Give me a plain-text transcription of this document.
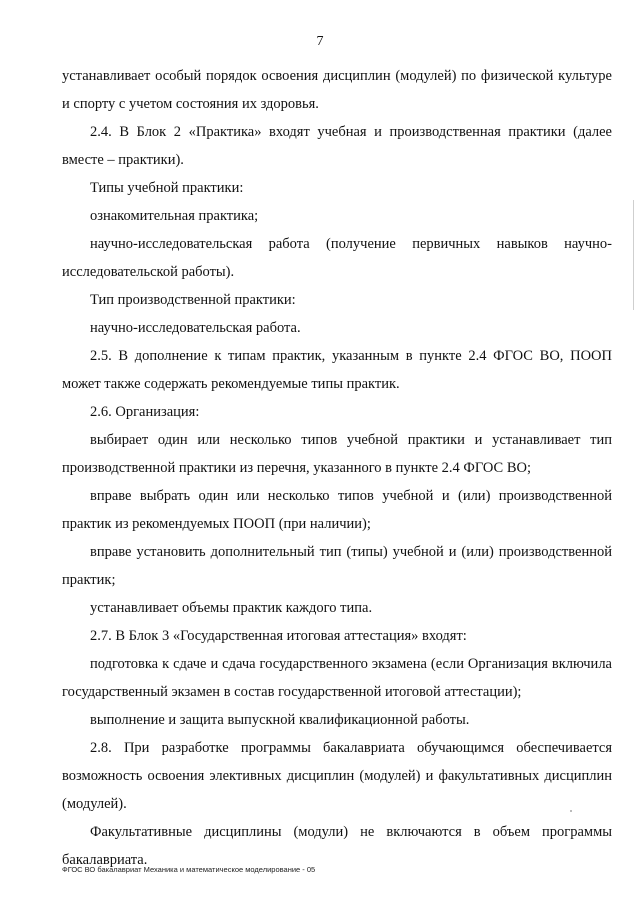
7

устанавливает особый порядок освоения дисциплин (модулей) по физической культуре и спорту с учетом состояния их здоровья.

2.4. В Блок 2 «Практика» входят учебная и производственная практики (далее вместе – практики).

Типы учебной практики:

ознакомительная практика;

научно-исследовательская работа (получение первичных навыков научно-исследовательской работы).

Тип производственной практики:

научно-исследовательская работа.

2.5. В дополнение к типам практик, указанным в пункте 2.4 ФГОС ВО, ПООП может также содержать рекомендуемые типы практик.

2.6. Организация:

выбирает один или несколько типов учебной практики и устанавливает тип производственной практики из перечня, указанного в пункте 2.4 ФГОС ВО;

вправе выбрать один или несколько типов учебной и (или) производственной практик из рекомендуемых ПООП (при наличии);

вправе установить дополнительный тип (типы) учебной и (или) производственной практик;

устанавливает объемы практик каждого типа.

2.7. В Блок 3 «Государственная итоговая аттестация» входят:

подготовка к сдаче и сдача государственного экзамена (если Организация включила государственный экзамен в состав государственной итоговой аттестации);

выполнение и защита выпускной квалификационной работы.

2.8. При разработке программы бакалавриата обучающимся обеспечивается возможность освоения элективных дисциплин (модулей) и факультативных дисциплин (модулей).

Факультативные дисциплины (модули) не включаются в объем программы бакалавриата.

ФГОС ВО бакалавриат Механика и математическое моделирование - 05
